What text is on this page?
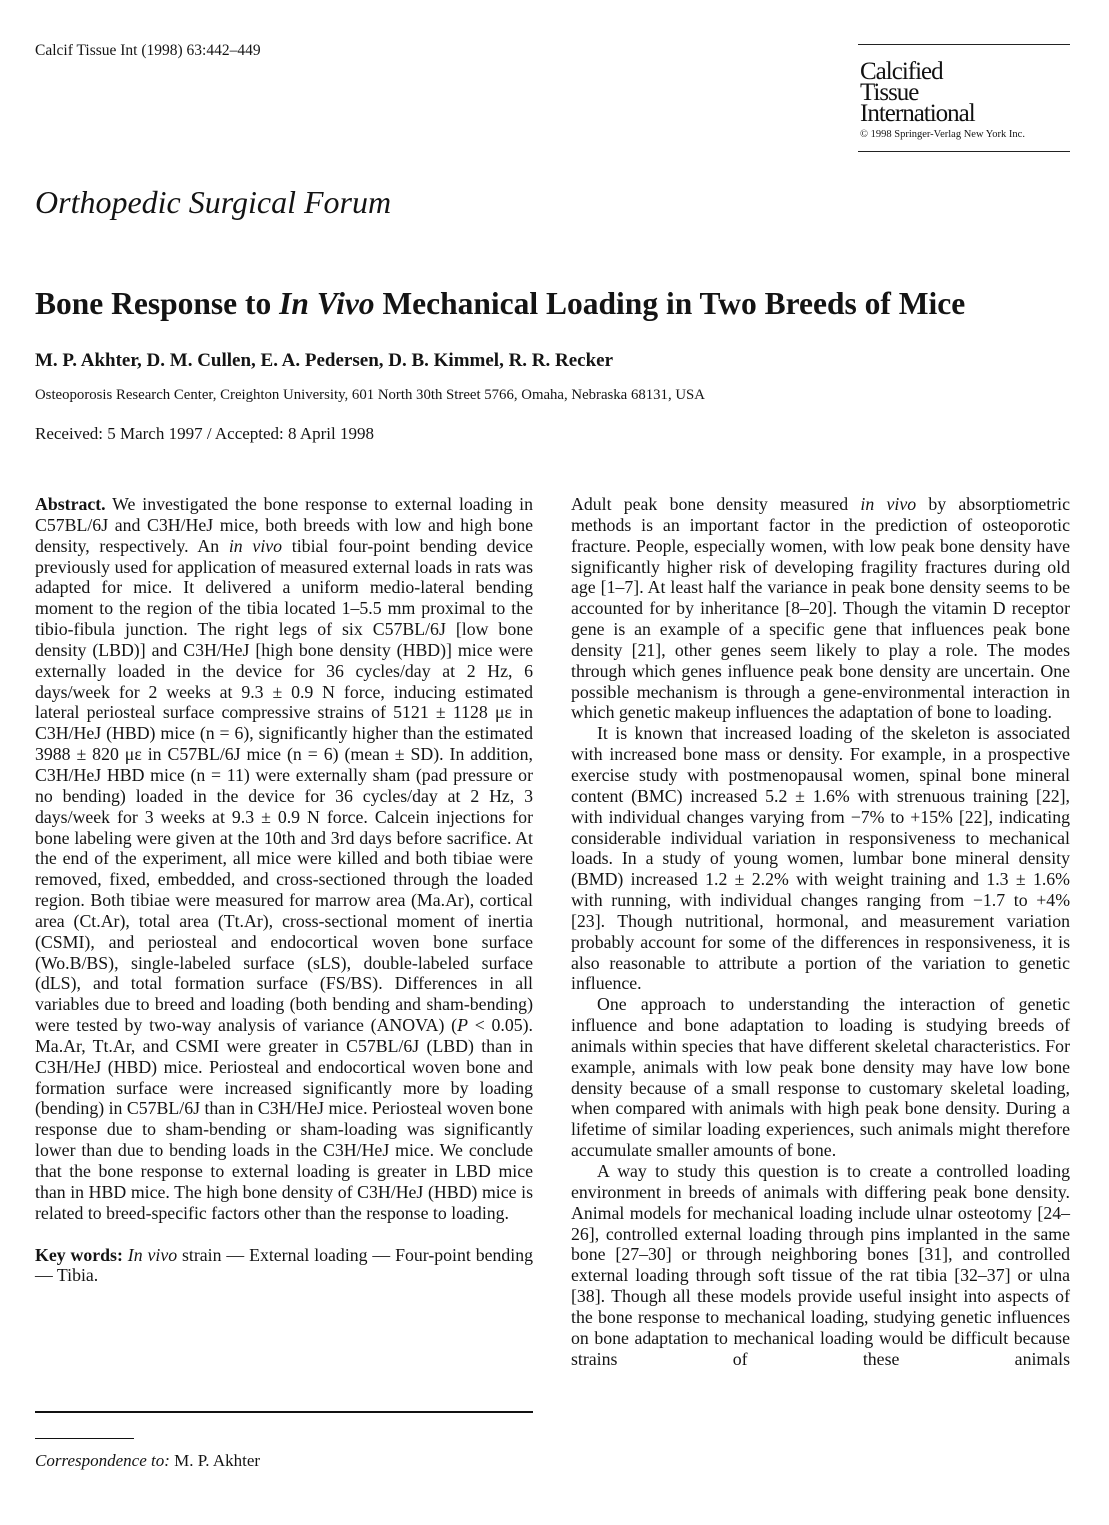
Calcif Tissue Int (1998) 63:442–449
Calcified
Tissue
International
© 1998 Springer-Verlag New York Inc.
Orthopedic Surgical Forum
Bone Response to In Vivo Mechanical Loading in Two Breeds of Mice
M. P. Akhter, D. M. Cullen, E. A. Pedersen, D. B. Kimmel, R. R. Recker
Osteoporosis Research Center, Creighton University, 601 North 30th Street 5766, Omaha, Nebraska 68131, USA
Received: 5 March 1997 / Accepted: 8 April 1998

Abstract. We investigated the bone response to external loading in C57BL/6J and C3H/HeJ mice, both breeds with low and high bone density, respectively. An in vivo tibial four-point bending device previously used for application of measured external loads in rats was adapted for mice. It delivered a uniform medio-lateral bending moment to the region of the tibia located 1–5.5 mm proximal to the tibio-fibula junction. The right legs of six C57BL/6J [low bone density (LBD)] and C3H/HeJ [high bone density (HBD)] mice were externally loaded in the device for 36 cycles/day at 2 Hz, 6 days/week for 2 weeks at 9.3 ± 0.9 N force, inducing estimated lateral periosteal surface compressive strains of 5121 ± 1128 με in C3H/HeJ (HBD) mice (n = 6), significantly higher than the estimated 3988 ± 820 με in C57BL/6J mice (n = 6) (mean ± SD). In addition, C3H/HeJ HBD mice (n = 11) were externally sham (pad pressure or no bending) loaded in the device for 36 cycles/day at 2 Hz, 3 days/week for 3 weeks at 9.3 ± 0.9 N force. Calcein injections for bone labeling were given at the 10th and 3rd days before sacrifice. At the end of the experiment, all mice were killed and both tibiae were removed, fixed, embedded, and cross-sectioned through the loaded region. Both tibiae were measured for marrow area (Ma.Ar), cortical area (Ct.Ar), total area (Tt.Ar), cross-sectional moment of inertia (CSMI), and periosteal and endocortical woven bone surface (Wo.B/BS), single-labeled surface (sLS), double-labeled surface (dLS), and total formation surface (FS/BS). Differences in all variables due to breed and loading (both bending and sham-bending) were tested by two-way analysis of variance (ANOVA) (P < 0.05). Ma.Ar, Tt.Ar, and CSMI were greater in C57BL/6J (LBD) than in C3H/HeJ (HBD) mice. Periosteal and endocortical woven bone and formation surface were increased significantly more by loading (bending) in C57BL/6J than in C3H/HeJ mice. Periosteal woven bone response due to sham-bending or sham-loading was significantly lower than due to bending loads in the C3H/HeJ mice. We conclude that the bone response to external loading is greater in LBD mice than in HBD mice. The high bone density of C3H/HeJ (HBD) mice is related to breed-specific factors other than the response to loading.

Key words: In vivo strain — External loading — Four-point bending — Tibia.

Correspondence to: M. P. Akhter

Adult peak bone density measured in vivo by absorptiometric methods is an important factor in the prediction of osteoporotic fracture. People, especially women, with low peak bone density have significantly higher risk of developing fragility fractures during old age [1–7]. At least half the variance in peak bone density seems to be accounted for by inheritance [8–20]. Though the vitamin D receptor gene is an example of a specific gene that influences peak bone density [21], other genes seem likely to play a role. The modes through which genes influence peak bone density are uncertain. One possible mechanism is through a gene-environmental interaction in which genetic makeup influences the adaptation of bone to loading.

It is known that increased loading of the skeleton is associated with increased bone mass or density. For example, in a prospective exercise study with postmenopausal women, spinal bone mineral content (BMC) increased 5.2 ± 1.6% with strenuous training [22], with individual changes varying from −7% to +15% [22], indicating considerable individual variation in responsiveness to mechanical loads. In a study of young women, lumbar bone mineral density (BMD) increased 1.2 ± 2.2% with weight training and 1.3 ± 1.6% with running, with individual changes ranging from −1.7 to +4% [23]. Though nutritional, hormonal, and measurement variation probably account for some of the differences in responsiveness, it is also reasonable to attribute a portion of the variation to genetic influence.

One approach to understanding the interaction of genetic influence and bone adaptation to loading is studying breeds of animals within species that have different skeletal characteristics. For example, animals with low peak bone density may have low bone density because of a small response to customary skeletal loading, when compared with animals with high peak bone density. During a lifetime of similar loading experiences, such animals might therefore accumulate smaller amounts of bone.

A way to study this question is to create a controlled loading environment in breeds of animals with differing peak bone density. Animal models for mechanical loading include ulnar osteotomy [24–26], controlled external loading through pins implanted in the same bone [27–30] or through neighboring bones [31], and controlled external loading through soft tissue of the rat tibia [32–37] or ulna [38]. Though all these models provide useful insight into aspects of the bone response to mechanical loading, studying genetic influences on bone adaptation to mechanical loading would be difficult because strains of these animals
